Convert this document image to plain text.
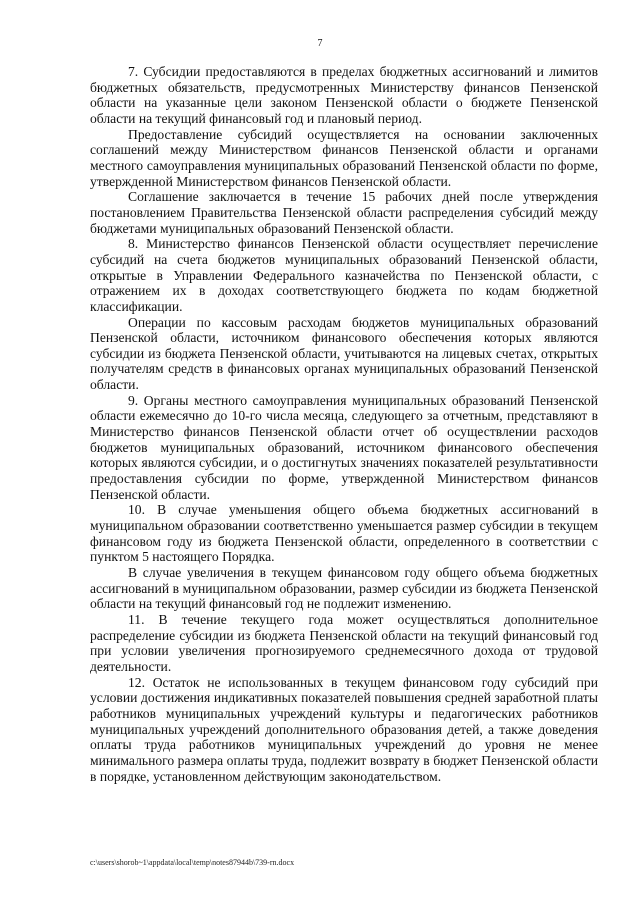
7

7. Субсидии предоставляются в пределах бюджетных ассигнований и лимитов бюджетных обязательств, предусмотренных Министерству финансов Пензенской области на указанные цели законом Пензенской области о бюджете Пензенской области на текущий финансовый год и плановый период.

Предоставление субсидий осуществляется на основании заключенных соглашений между Министерством финансов Пензенской области и органами местного самоуправления муниципальных образований Пензенской области по форме, утвержденной Министерством финансов Пензенской области.

Соглашение заключается в течение 15 рабочих дней после утверждения постановлением Правительства Пензенской области распределения субсидий между бюджетами муниципальных образований Пензенской области.

8. Министерство финансов Пензенской области осуществляет перечисление субсидий на счета бюджетов муниципальных образований Пензенской области, открытые в Управлении Федерального казначейства по Пензенской области, с отражением их в доходах соответствующего бюджета по кодам бюджетной классификации.

Операции по кассовым расходам бюджетов муниципальных образований Пензенской области, источником финансового обеспечения которых являются субсидии из бюджета Пензенской области, учитываются на лицевых счетах, открытых получателям средств в финансовых органах муниципальных образований Пензенской области.

9. Органы местного самоуправления муниципальных образований Пензенской области ежемесячно до 10-го числа месяца, следующего за отчетным, представляют в Министерство финансов Пензенской области отчет об осуществлении расходов бюджетов муниципальных образований, источником финансового обеспечения которых являются субсидии, и о достигнутых значениях показателей результативности предоставления субсидии по форме, утвержденной Министерством финансов Пензенской области.

10. В случае уменьшения общего объема бюджетных ассигнований в муниципальном образовании соответственно уменьшается размер субсидии в текущем финансовом году из бюджета Пензенской области, определенного в соответствии с пунктом 5 настоящего Порядка.

В случае увеличения в текущем финансовом году общего объема бюджетных ассигнований в муниципальном образовании, размер субсидии из бюджета Пензенской области на текущий финансовый год не подлежит изменению.

11. В течение текущего года может осуществляться дополнительное распределение субсидии из бюджета Пензенской области на текущий финансовый год при условии увеличения прогнозируемого среднемесячного дохода от трудовой деятельности.

12. Остаток не использованных в текущем финансовом году субсидий при условии достижения индикативных показателей повышения средней заработной платы работников муниципальных учреждений культуры и педагогических работников муниципальных учреждений дополнительного образования детей, а также доведения оплаты труда работников муниципальных учреждений до уровня не менее минимального размера оплаты труда, подлежит возврату в бюджет Пензенской области в порядке, установленном действующим законодательством.

c:\users\shorob~1\appdata\local\temp\notes87944b\739-rn.docx
